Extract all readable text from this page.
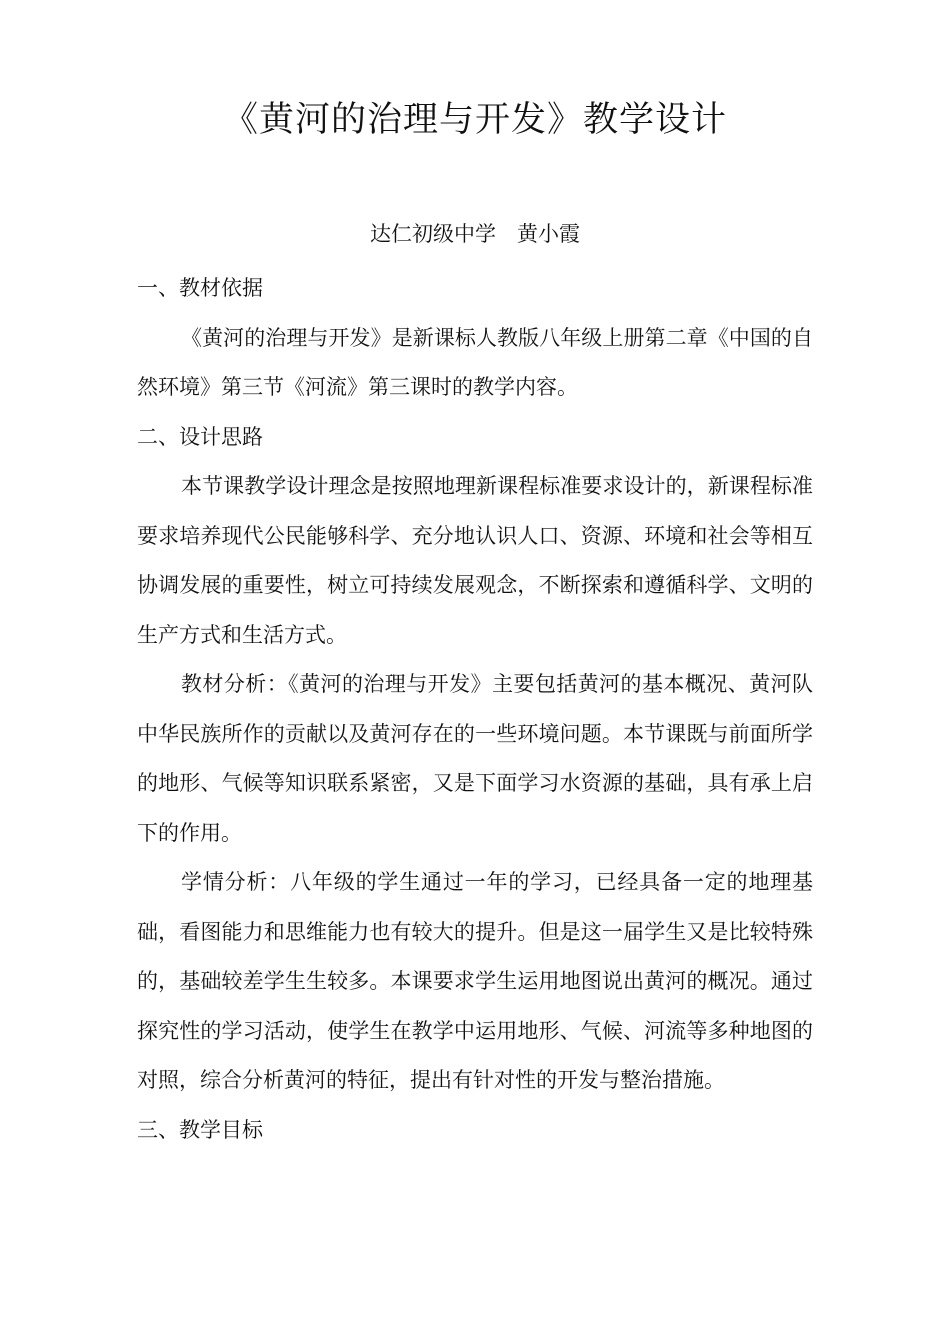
《黄河的治理与开发》教学设计
达仁初级中学　黄小霞
一、教材依据

《黄河的治理与开发》是新课标人教版八年级上册第二章《中国的自然环境》第三节《河流》第三课时的教学内容。

二、设计思路

本节课教学设计理念是按照地理新课程标准要求设计的，新课程标准要求培养现代公民能够科学、充分地认识人口、资源、环境和社会等相互协调发展的重要性，树立可持续发展观念，不断探索和遵循科学、文明的生产方式和生活方式。

教材分析：《黄河的治理与开发》主要包括黄河的基本概况、黄河队中华民族所作的贡献以及黄河存在的一些环境问题。本节课既与前面所学的地形、气候等知识联系紧密，又是下面学习水资源的基础，具有承上启下的作用。

学情分析：八年级的学生通过一年的学习，已经具备一定的地理基础，看图能力和思维能力也有较大的提升。但是这一届学生又是比较特殊的，基础较差学生生较多。本课要求学生运用地图说出黄河的概况。通过探究性的学习活动，使学生在教学中运用地形、气候、河流等多种地图的对照，综合分析黄河的特征，提出有针对性的开发与整治措施。

三、教学目标
